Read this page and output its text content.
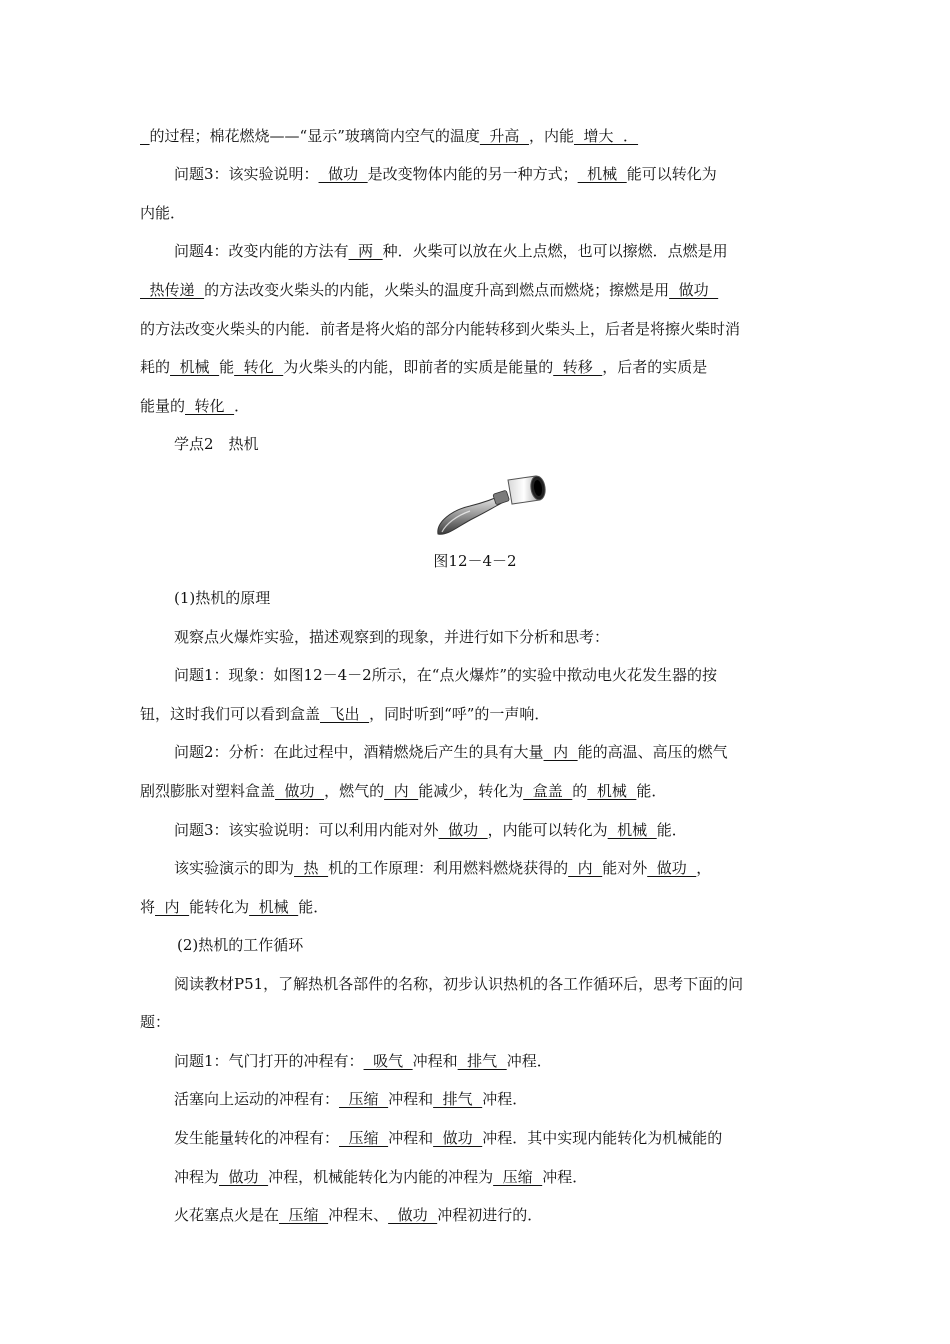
的过程；棉花燃烧——“显示”玻璃筒内空气的温度  升高  ，内能  增大  ．
问题3：该实验说明：  做功  是改变物体内能的另一种方式；  机械  能可以转化为
内能．
问题4：改变内能的方法有  两  种．火柴可以放在火上点燃，也可以擦燃．点燃是用
热传递  的方法改变火柴头的内能，火柴头的温度升高到燃点而燃烧；擦燃是用  做功
的方法改变火柴头的内能．前者是将火焰的部分内能转移到火柴头上，后者是将擦火柴时消
耗的  机械  能  转化  为火柴头的内能，即前者的实质是能量的  转移  ，后者的实质是
能量的  转化  ．
学点2　热机
(1)热机的原理
观察点火爆炸实验，描述观察到的现象，并进行如下分析和思考：
问题1：现象：如图12－4－2所示，在“点火爆炸”的实验中揿动电火花发生器的按
钮，这时我们可以看到盒盖  飞出  ，同时听到“呼”的一声响．
问题2：分析：在此过程中，酒精燃烧后产生的具有大量  内  能的高温、高压的燃气
剧烈膨胀对塑料盒盖  做功  ，燃气的  内  能减少，转化为  盒盖  的  机械  能．
问题3：该实验说明：可以利用内能对外  做功  ，内能可以转化为  机械  能．
该实验演示的即为  热  机的工作原理：利用燃料燃烧获得的  内  能对外  做功  ，
将  内  能转化为  机械  能．
(2)热机的工作循环
阅读教材P51，了解热机各部件的名称，初步认识热机的各工作循环后，思考下面的问
题：
问题1：气门打开的冲程有：  吸气  冲程和  排气  冲程．
活塞向上运动的冲程有：  压缩  冲程和  排气  冲程．
发生能量转化的冲程有：  压缩  冲程和  做功  冲程．其中实现内能转化为机械能的
冲程为  做功  冲程，机械能转化为内能的冲程为  压缩  冲程．
火花塞点火是在  压缩  冲程末、  做功  冲程初进行的．
图12－4－2
